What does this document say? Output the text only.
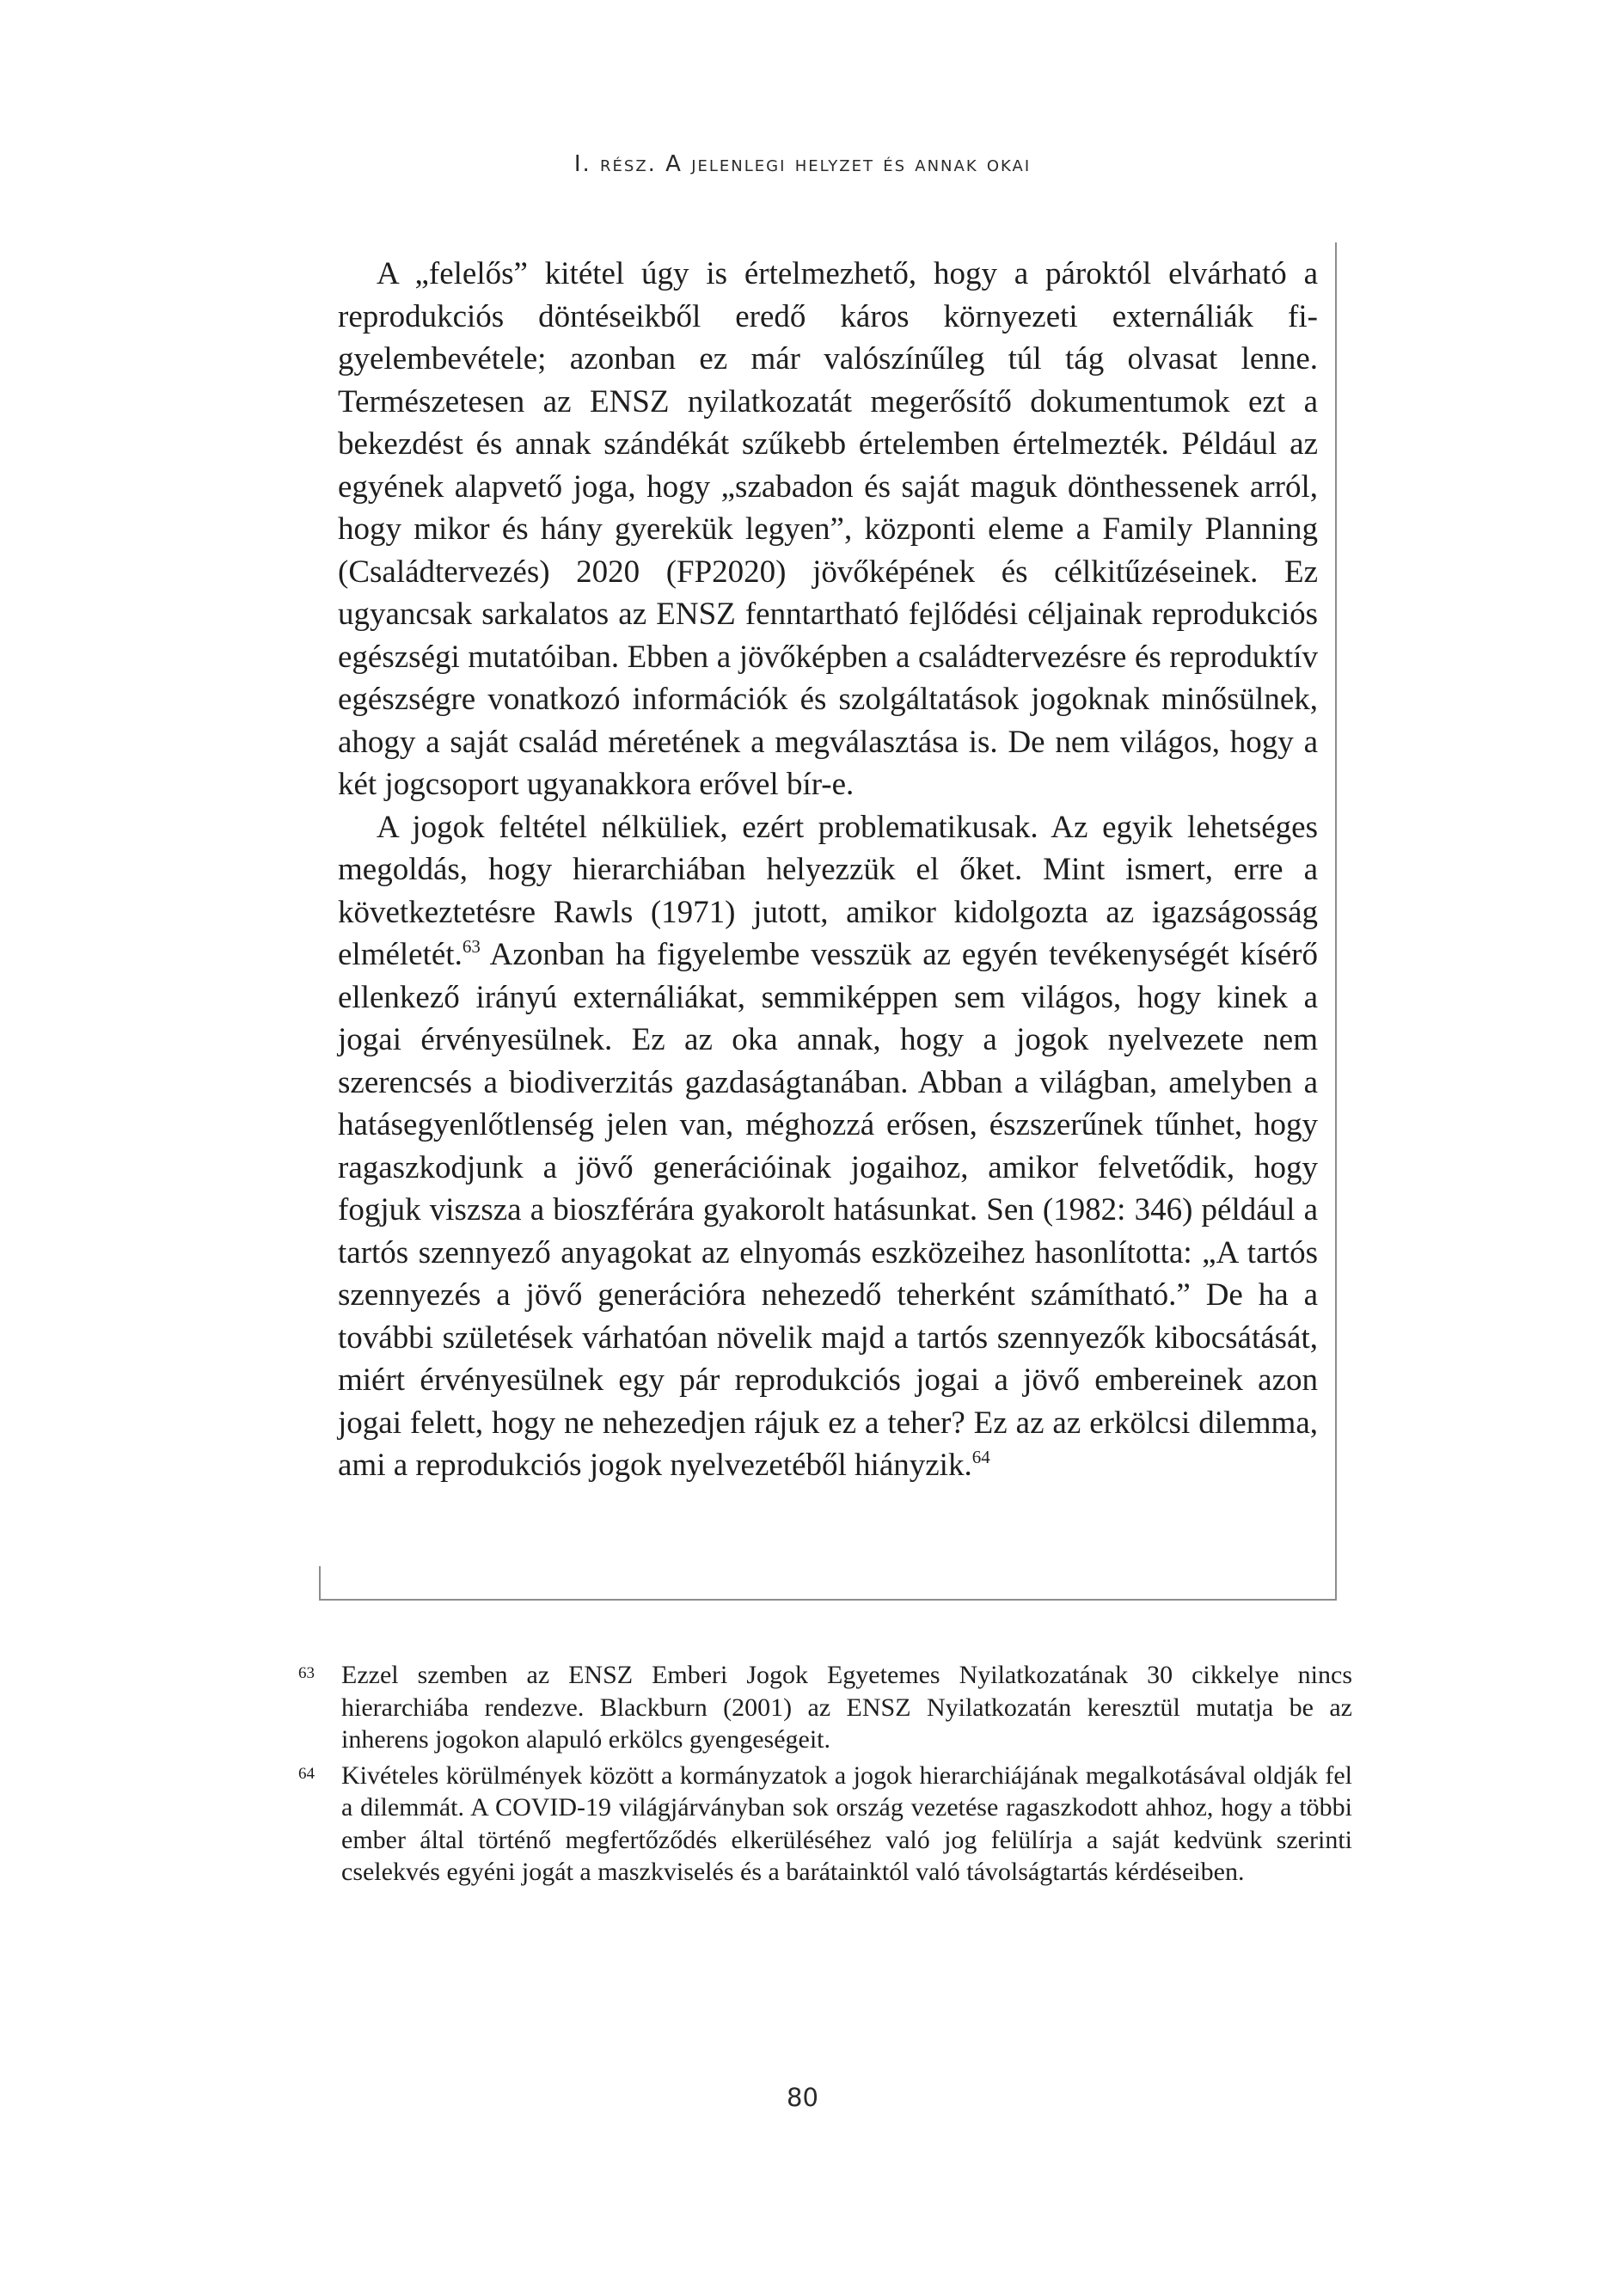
I. rész. A jelenlegi helyzet és annak okai

A „felelős” kitétel úgy is értelmezhető, hogy a pároktól elvárható a reprodukciós döntéseikből eredő káros környezeti externáliák figyelembevétele; azonban ez már valószínűleg túl tág olvasat lenne. Természetesen az ENSZ nyilatkozatát megerősítő dokumentumok ezt a bekezdést és annak szándékát szűkebb értelemben értelmezték. Például az egyének alapvető joga, hogy „szabadon és saját maguk dönthessenek arról, hogy mikor és hány gyerekük legyen”, központi eleme a Family Planning (Családtervezés) 2020 (FP2020) jövőképének és célkitűzéseinek. Ez ugyancsak sarkalatos az ENSZ fenntartható fejlődési céljainak reprodukciós egészségi mutatóiban. Ebben a jövőképben a családtervezésre és reproduktív egészségre vonatkozó információk és szolgáltatások jogoknak minősülnek, ahogy a saját család méretének a megválasztása is. De nem világos, hogy a két jogcsoport ugyanakkora erővel bír-e.

A jogok feltétel nélküliek, ezért problematikusak. Az egyik lehetséges megoldás, hogy hierarchiában helyezzük el őket. Mint ismert, erre a következtetésre Rawls (1971) jutott, amikor kidolgozta az igazságosság elméletét.$^{63}$ Azonban ha figyelembe vesszük az egyén tevékenységét kísérő ellenkező irányú externáliákat, semmiképpen sem világos, hogy kinek a jogai érvényesülnek. Ez az oka annak, hogy a jogok nyelvezete nem szerencsés a biodiverzitás gazdaságtanában. Abban a világban, amelyben a hatásegyenlőtlenség jelen van, méghozzá erősen, észszerűnek tűnhet, hogy ragaszkodjunk a jövő generációinak jogaihoz, amikor felvetődik, hogy fogjuk viszsza a bioszférára gyakorolt hatásunkat. Sen (1982: 346) például a tartós szennyező anyagokat az elnyomás eszközeihez hasonlította: „A tartós szennyezés a jövő generációra nehezedő teherként számítható.” De ha a további születések várhatóan növelik majd a tartós szennyezők kibocsátását, miért érvényesülnek egy pár reprodukciós jogai a jövő embereinek azon jogai felett, hogy ne nehezedjen rájuk ez a teher? Ez az az erkölcsi dilemma, ami a reprodukciós jogok nyelvezetéből hiányzik.$^{64}$

63 Ezzel szemben az ENSZ Emberi Jogok Egyetemes Nyilatkozatának 30 cikkelye nincs hierarchiába rendezve. Blackburn (2001) az ENSZ Nyilatkozatán keresztül mutatja be az inherens jogokon alapuló erkölcs gyengeségeit.
64 Kivételes körülmények között a kormányzatok a jogok hierarchiájának megalkotásával oldják fel a dilemmát. A COVID-19 világjárványban sok ország vezetése ragaszkodott ahhoz, hogy a többi ember által történő megfertőződés elkerüléséhez való jog felülírja a saját kedvünk szerinti cselekvés egyéni jogát a maszkviselés és a barátainktól való távolságtartás kérdéseiben.
80
